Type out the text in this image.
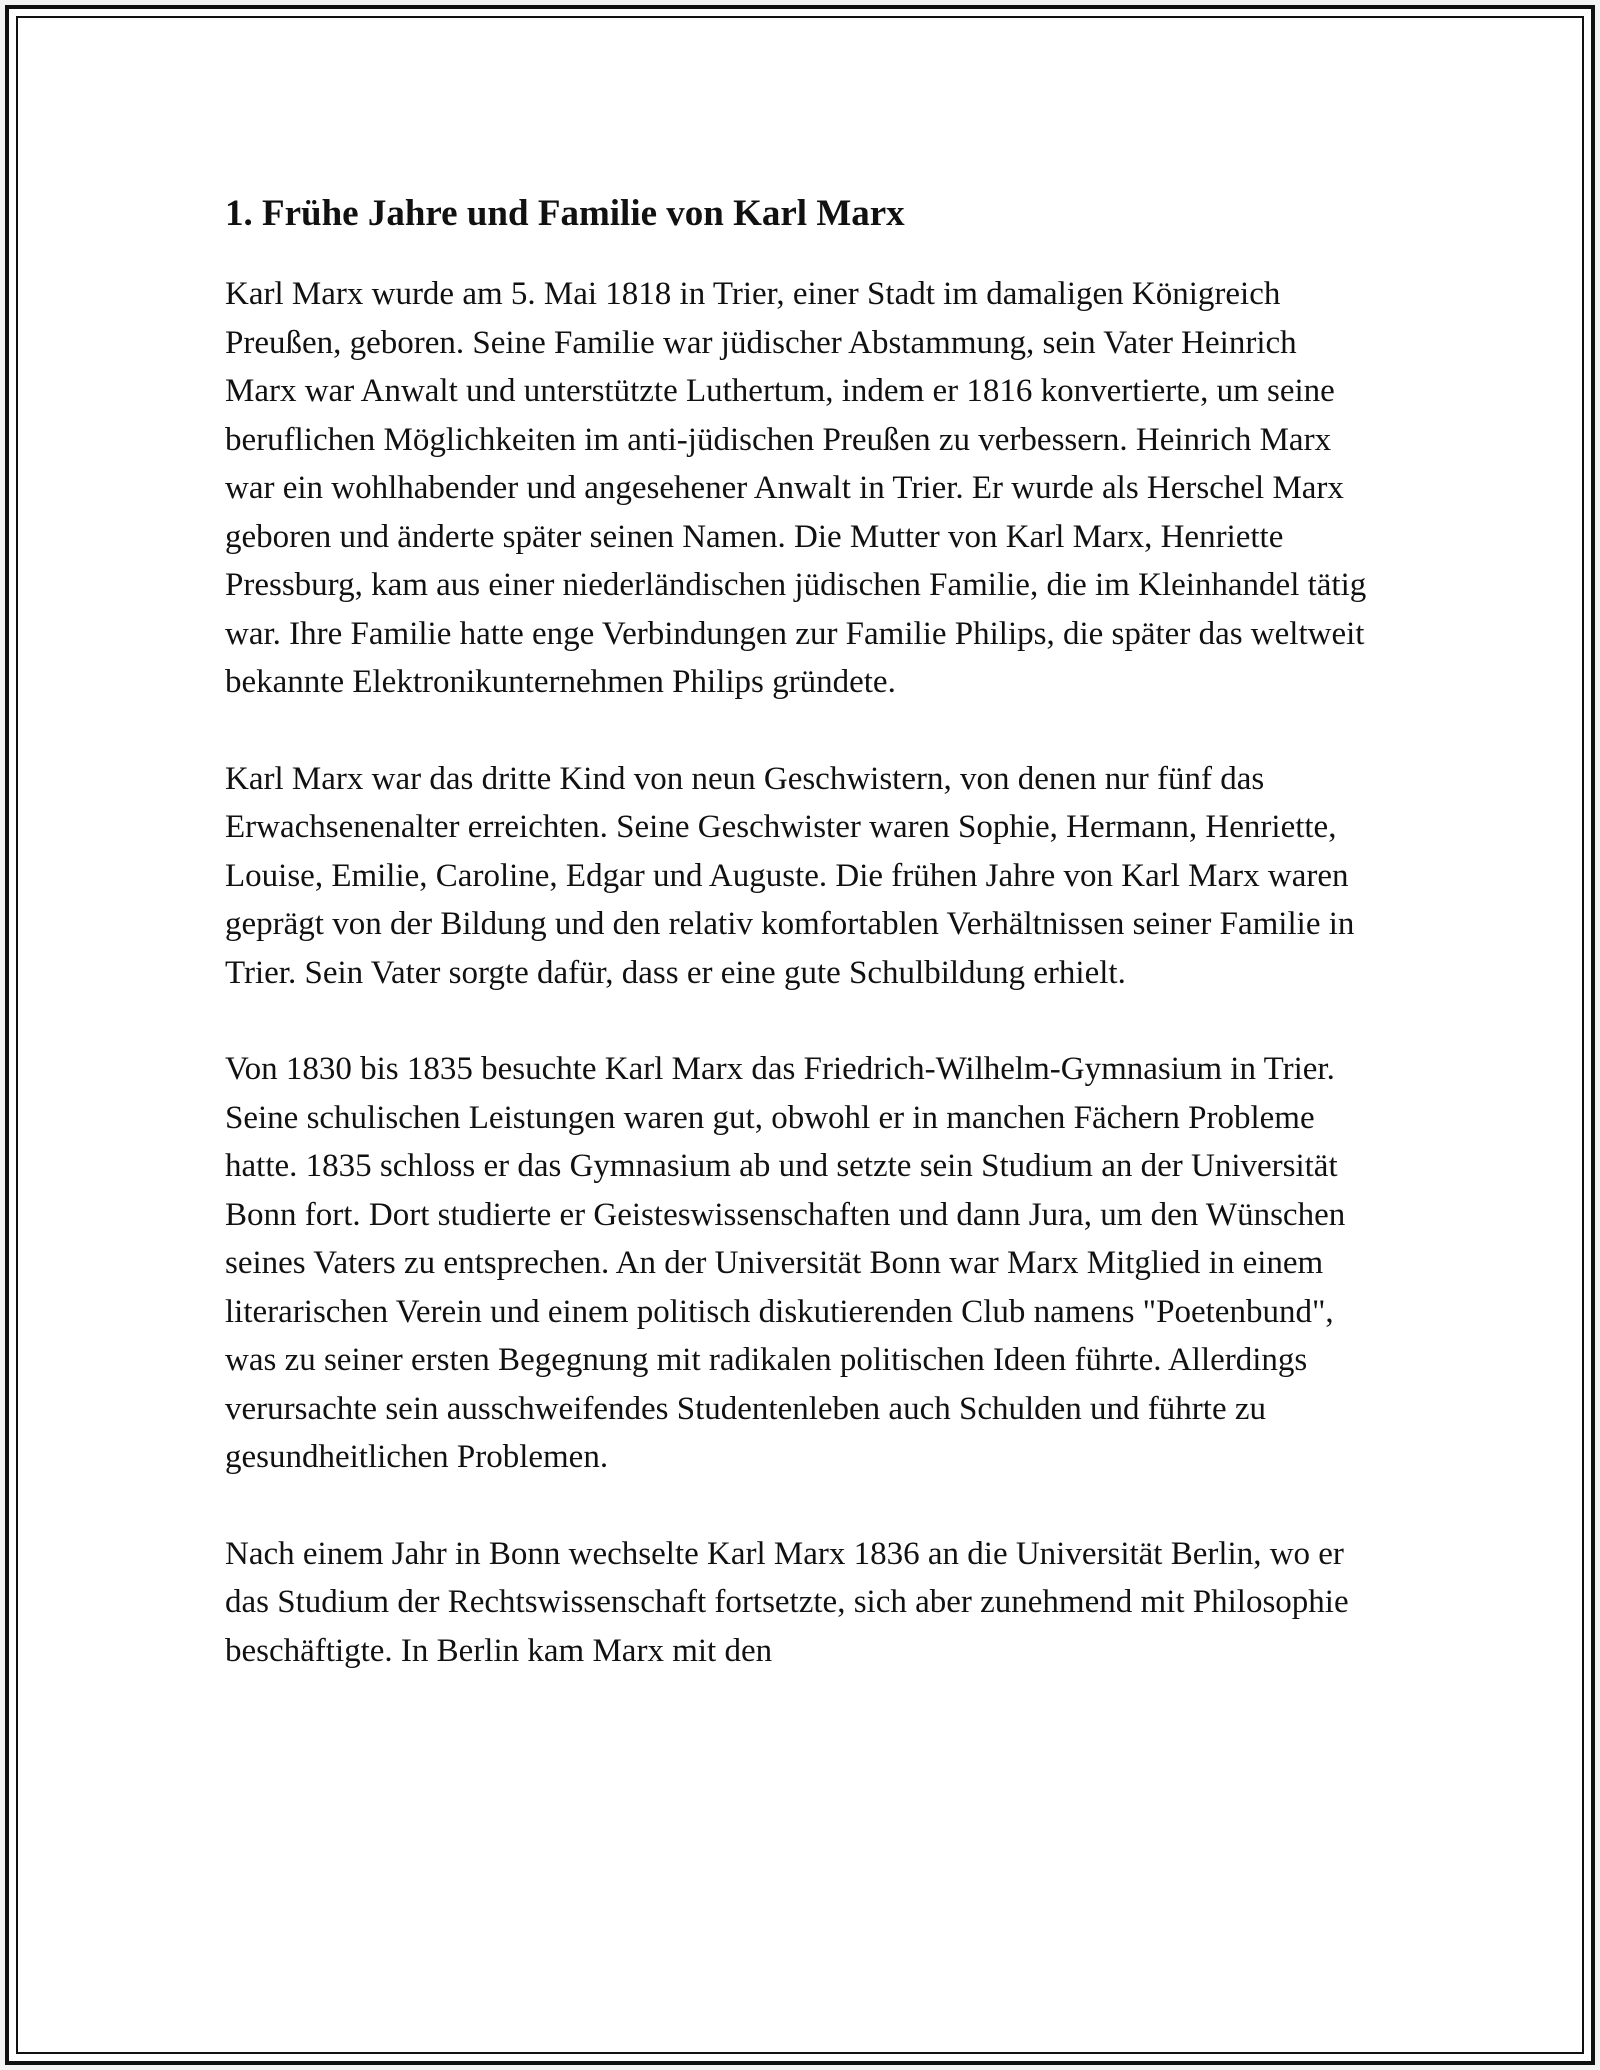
1. Frühe Jahre und Familie von Karl Marx

Karl Marx wurde am 5. Mai 1818 in Trier, einer Stadt im damaligen Königreich Preußen, geboren. Seine Familie war jüdischer Abstammung, sein Vater Heinrich Marx war Anwalt und unterstützte Luthertum, indem er 1816 konvertierte, um seine beruflichen Möglichkeiten im anti-jüdischen Preußen zu verbessern. Heinrich Marx war ein wohlhabender und angesehener Anwalt in Trier. Er wurde als Herschel Marx geboren und änderte später seinen Namen. Die Mutter von Karl Marx, Henriette Pressburg, kam aus einer niederländischen jüdischen Familie, die im Kleinhandel tätig war. Ihre Familie hatte enge Verbindungen zur Familie Philips, die später das weltweit bekannte Elektronikunternehmen Philips gründete.

Karl Marx war das dritte Kind von neun Geschwistern, von denen nur fünf das Erwachsenenalter erreichten. Seine Geschwister waren Sophie, Hermann, Henriette, Louise, Emilie, Caroline, Edgar und Auguste. Die frühen Jahre von Karl Marx waren geprägt von der Bildung und den relativ komfortablen Verhältnissen seiner Familie in Trier. Sein Vater sorgte dafür, dass er eine gute Schulbildung erhielt.

Von 1830 bis 1835 besuchte Karl Marx das Friedrich-Wilhelm-Gymnasium in Trier. Seine schulischen Leistungen waren gut, obwohl er in manchen Fächern Probleme hatte. 1835 schloss er das Gymnasium ab und setzte sein Studium an der Universität Bonn fort. Dort studierte er Geisteswissenschaften und dann Jura, um den Wünschen seines Vaters zu entsprechen. An der Universität Bonn war Marx Mitglied in einem literarischen Verein und einem politisch diskutierenden Club namens "Poetenbund", was zu seiner ersten Begegnung mit radikalen politischen Ideen führte. Allerdings verursachte sein ausschweifendes Studentenleben auch Schulden und führte zu gesundheitlichen Problemen.

Nach einem Jahr in Bonn wechselte Karl Marx 1836 an die Universität Berlin, wo er das Studium der Rechtswissenschaft fortsetzte, sich aber zunehmend mit Philosophie beschäftigte. In Berlin kam Marx mit den
